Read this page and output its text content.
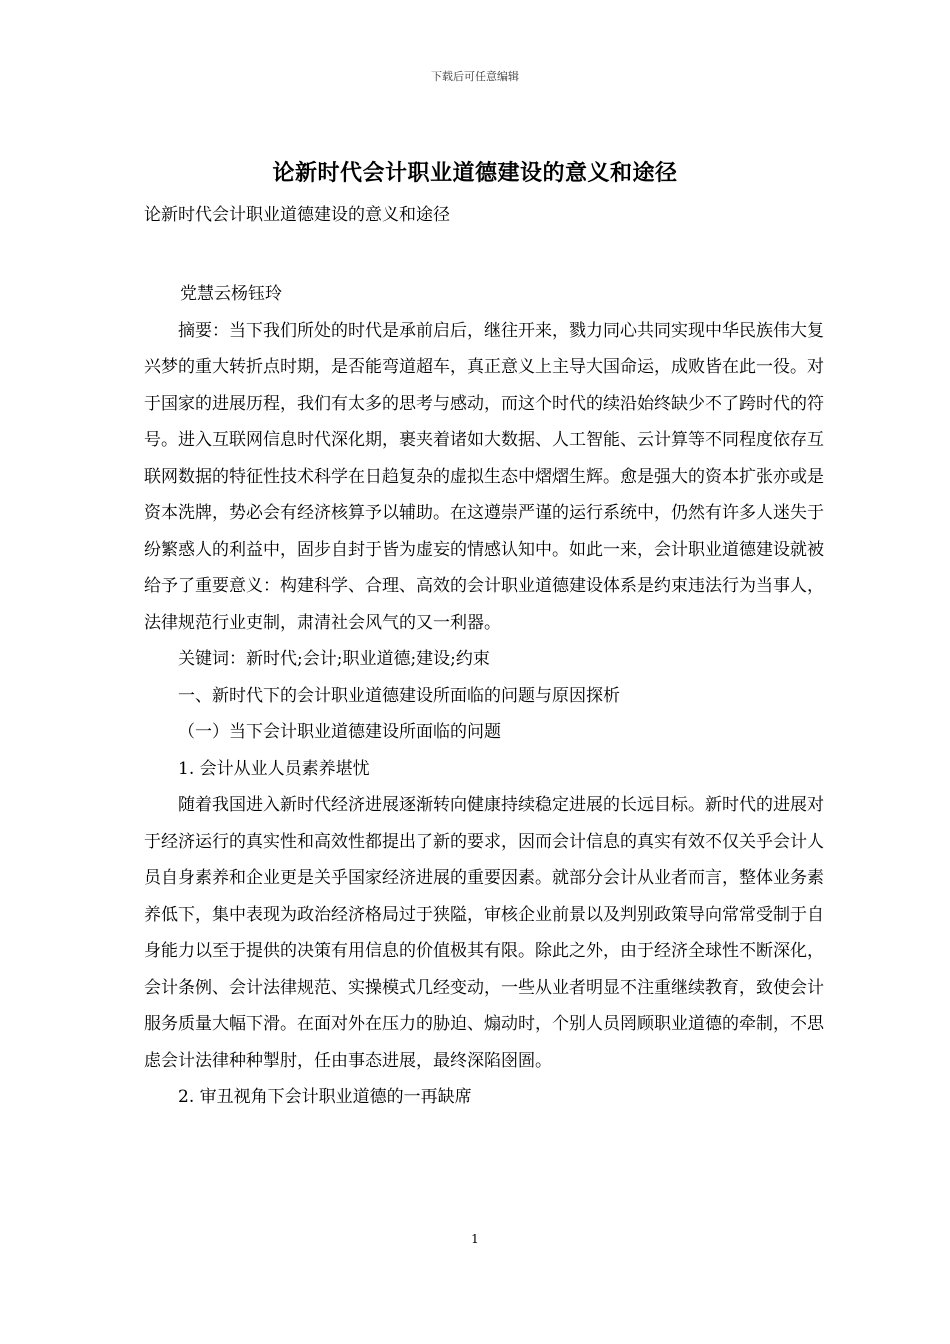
下载后可任意编辑
论新时代会计职业道德建设的意义和途径
论新时代会计职业道德建设的意义和途径

党慧云杨钰玲

摘要：当下我们所处的时代是承前启后，继往开来，戮力同心共同实现中华民族伟大复兴梦的重大转折点时期，是否能弯道超车，真正意义上主导大国命运，成败皆在此一役。对于国家的进展历程，我们有太多的思考与感动，而这个时代的续沿始终缺少不了跨时代的符号。进入互联网信息时代深化期，裹夹着诸如大数据、人工智能、云计算等不同程度依存互联网数据的特征性技术科学在日趋复杂的虚拟生态中熠熠生辉。愈是强大的资本扩张亦或是资本洗牌，势必会有经济核算予以辅助。在这遵崇严谨的运行系统中，仍然有许多人迷失于纷繁惑人的利益中，固步自封于皆为虚妄的情感认知中。如此一来，会计职业道德建设就被给予了重要意义：构建科学、合理、高效的会计职业道德建设体系是约束违法行为当事人，法律规范行业吏制，肃清社会风气的又一利器。

关键词：新时代;会计;职业道德;建设;约束

一、新时代下的会计职业道德建设所面临的问题与原因探析

（一）当下会计职业道德建设所面临的问题

1. 会计从业人员素养堪忧

随着我国进入新时代经济进展逐渐转向健康持续稳定进展的长远目标。新时代的进展对于经济运行的真实性和高效性都提出了新的要求，因而会计信息的真实有效不仅关乎会计人员自身素养和企业更是关乎国家经济进展的重要因素。就部分会计从业者而言，整体业务素养低下，集中表现为政治经济格局过于狭隘，审核企业前景以及判别政策导向常常受制于自身能力以至于提供的决策有用信息的价值极其有限。除此之外，由于经济全球性不断深化，会计条例、会计法律规范、实操模式几经变动，一些从业者明显不注重继续教育，致使会计服务质量大幅下滑。在面对外在压力的胁迫、煽动时，个别人员罔顾职业道德的牵制，不思虑会计法律种种掣肘，任由事态进展，最终深陷囹圄。

2. 审丑视角下会计职业道德的一再缺席

1
